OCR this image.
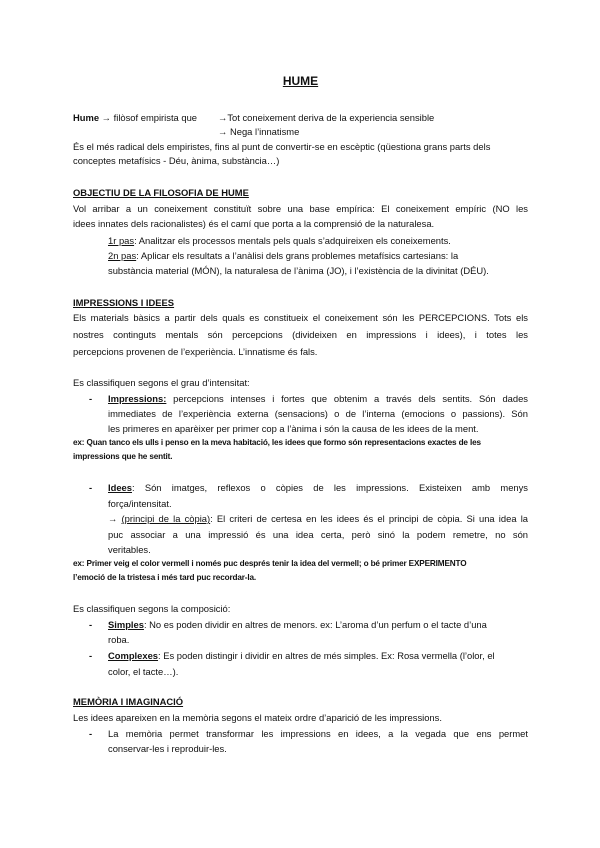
HUME
Hume → filòsof empirista que →Tot coneixement deriva de la experiencia sensible
→ Nega l’innatisme
És el més radical dels empiristes, fins al punt de convertir-se en escèptic (qüestiona grans parts dels
conceptes metafísics - Déu, ànima, substància…)
OBJECTIU DE LA FILOSOFIA DE HUME
Vol arribar a un coneixement constituït sobre una base empírica: El coneixement empíric (NO les
idees innates dels racionalistes) és el camí que porta a la comprensió de la naturalesa.
1r pas: Analitzar els processos mentals pels quals s’adquireixen els coneixements.
2n pas: Aplicar els resultats a l’anàlisi dels grans problemes metafísics cartesians: la
substància material (MÓN), la naturalesa de l’ànima (JO), i l’existència de la divinitat (DÉU).
IMPRESSIONS I IDEES
Els materials bàsics a partir dels quals es constitueix el coneixement són les PERCEPCIONS. Tots els
nostres continguts mentals són percepcions (divideixen en impressions i idees), i totes les
percepcions provenen de l’experiència. L’innatisme és fals.
Es classifiquen segons el grau d’intensitat:
- Impressions: percepcions intenses i fortes que obtenim a través dels sentits. Són dades
immediates de l’experiència externa (sensacions) o de l’interna (emocions o passions). Són
les primeres en aparèixer per primer cop a l’ànima i són la causa de les idees de la ment.
ex: Quan tanco els ulls i penso en la meva habitació, les idees que formo són representacions exactes de les
impressions que he sentit.
- Idees: Són imatges, reflexos o còpies de les impressions. Existeixen amb menys
força/intensitat.
→ (principi de la còpia): El criteri de certesa en les idees és el principi de còpia. Si una idea la
puc associar a una impressió és una idea certa, però sinó la podem remetre, no són
veritables.
ex: Primer veig el color vermell i només puc després tenir la idea del vermell; o bé primer EXPERIMENTO
l’emoció de la tristesa i més tard puc recordar-la.
Es classifiquen segons la composició:
- Simples: No es poden dividir en altres de menors. ex: L’aroma d’un perfum o el tacte d’una
roba.
- Complexes: Es poden distingir i dividir en altres de més simples. Ex: Rosa vermella (l’olor, el
color, el tacte…).
MEMÒRIA I IMAGINACIÓ
Les idees apareixen en la memòria segons el mateix ordre d’aparició de les impressions.
- La memòria permet transformar les impressions en idees, a la vegada que ens permet
conservar-les i reproduir-les.
